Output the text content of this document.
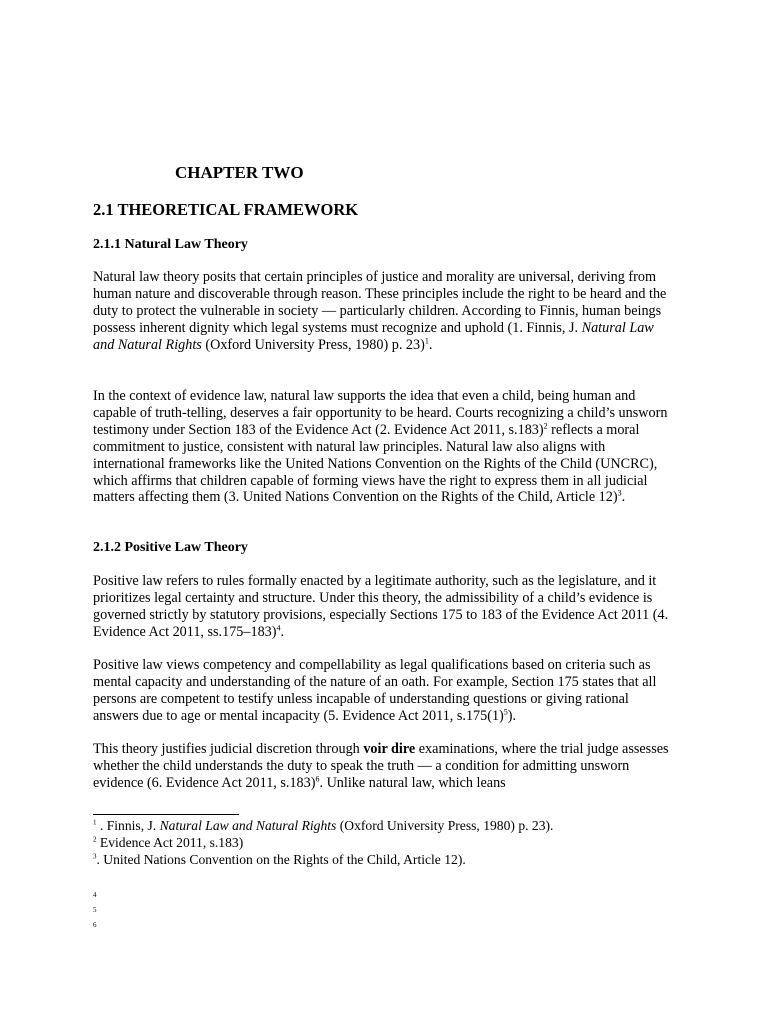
CHAPTER TWO
2.1 THEORETICAL FRAMEWORK
2.1.1 Natural Law Theory

Natural law theory posits that certain principles of justice and morality are universal, deriving from human nature and discoverable through reason. These principles include the right to be heard and the duty to protect the vulnerable in society — particularly children. According to Finnis, human beings possess inherent dignity which legal systems must recognize and uphold (1. Finnis, J. Natural Law and Natural Rights (Oxford University Press, 1980) p. 23)$^1$.

In the context of evidence law, natural law supports the idea that even a child, being human and capable of truth-telling, deserves a fair opportunity to be heard. Courts recognizing a child’s unsworn testimony under Section 183 of the Evidence Act (2. Evidence Act 2011, s.183)$^2$ reflects a moral commitment to justice, consistent with natural law principles. Natural law also aligns with international frameworks like the United Nations Convention on the Rights of the Child (UNCRC), which affirms that children capable of forming views have the right to express them in all judicial matters affecting them (3. United Nations Convention on the Rights of the Child, Article 12)$^3$.

2.1.2 Positive Law Theory

Positive law refers to rules formally enacted by a legitimate authority, such as the legislature, and it prioritizes legal certainty and structure. Under this theory, the admissibility of a child’s evidence is governed strictly by statutory provisions, especially Sections 175 to 183 of the Evidence Act 2011 (4. Evidence Act 2011, ss.175–183)$^4$.

Positive law views competency and compellability as legal qualifications based on criteria such as mental capacity and understanding of the nature of an oath. For example, Section 175 states that all persons are competent to testify unless incapable of understanding questions or giving rational answers due to age or mental incapacity (5. Evidence Act 2011, $s.175(1)^5$).

This theory justifies judicial discretion through voir dire examinations, where the trial judge assesses whether the child understands the duty to speak the truth — a condition for admitting unsworn evidence (6. Evidence Act 2011, s.183)$^6$. Unlike natural law, which leans

$^1$ . Finnis, J. Natural Law and Natural Rights (Oxford University Press, 1980) p. 23).

$^2$ Evidence Act 2011, s.183)

$^3$. United Nations Convention on the Rights of the Child, Article 12).

4

5

6
